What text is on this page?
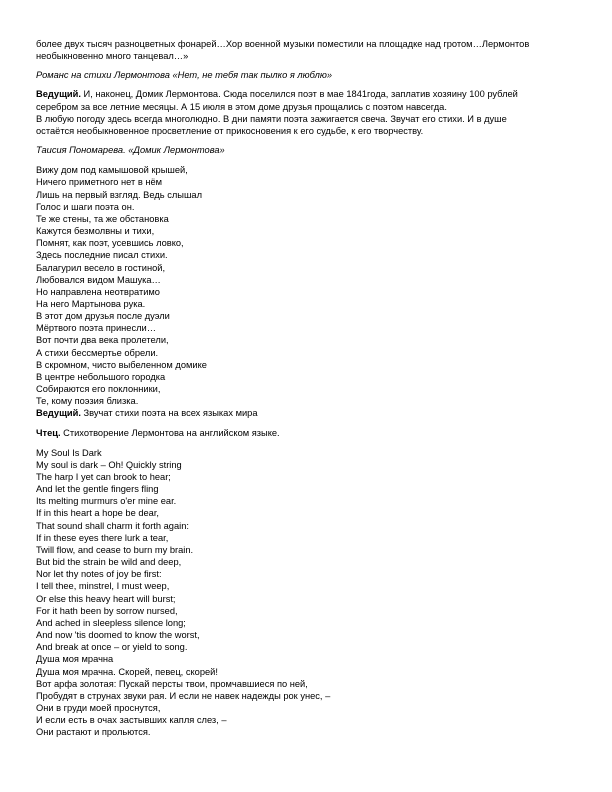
более двух тысяч разноцветных фонарей…Хор военной музыки поместили на площадке над гротом…Лермонтов
необыкновенно много танцевал…»
Романс на стихи Лермонтова «Нет, не тебя так пылко я люблю»
Ведущий. И, наконец, Домик Лермонтова. Сюда поселился поэт в мае 1841года, заплатив хозяину 100 рублей
серебром за все летние месяцы. А 15 июля в этом доме друзья прощались с поэтом навсегда.
В любую погоду здесь всегда многолюдно. В дни памяти поэта зажигается свеча. Звучат его стихи. И в душе
остаётся необыкновенное просветление от прикосновения к его судьбе, к его творчеству.
Таисия Пономарева. «Домик Лермонтова»
Вижу дом под камышовой крышей,
Ничего приметного нет в нём
Лишь на первый взгляд. Ведь слышал
Голос и шаги поэта он.
Те же стены, та же обстановка
Кажутся безмолвны и тихи,
Помнят, как поэт, усевшись ловко,
Здесь последние писал стихи.
Балагурил весело в гостиной,
Любовался видом Машука…
Но направлена неотвратимо
На него Мартынова рука.
В этот дом друзья после дуэли
Мёртвого поэта принесли…
Вот почти два века пролетели,
А стихи бессмертье обрели.
В скромном, чисто выбеленном домике
В центре небольшого городка
Собираются его поклонники,
Те, кому поэзия близка.
Ведущий. Звучат стихи поэта на всех языках мира
Чтец. Стихотворение Лермонтова на английском языке.
My Soul Is Dark
My soul is dark – Oh! Quickly string
The harp I yet can brook to hear;
And let the gentle fingers fling
Its melting murmurs o'er mine ear.
If in this heart a hope be dear,
That sound shall charm it forth again:
If in these eyes there lurk a tear,
Twill flow, and cease to burn my brain.
But bid the strain be wild and deep,
Nor let thy notes of joy be first:
I tell thee, minstrel, I must weep,
Or else this heavy heart will burst;
For it hath been by sorrow nursed,
And ached in sleepless silence long;
And now 'tis doomed to know the worst,
And break at once – or yield to song.
Душа моя мрачна
Душа моя мрачна. Скорей, певец, скорей!
Вот арфа золотая: Пускай персты твои, промчавшиеся по ней,
Пробудят в струнах звуки рая. И если не навек надежды рок унес, –
Они в груди моей проснутся,
И если есть в очах застывших капля слез, –
Они растают и прольются.
